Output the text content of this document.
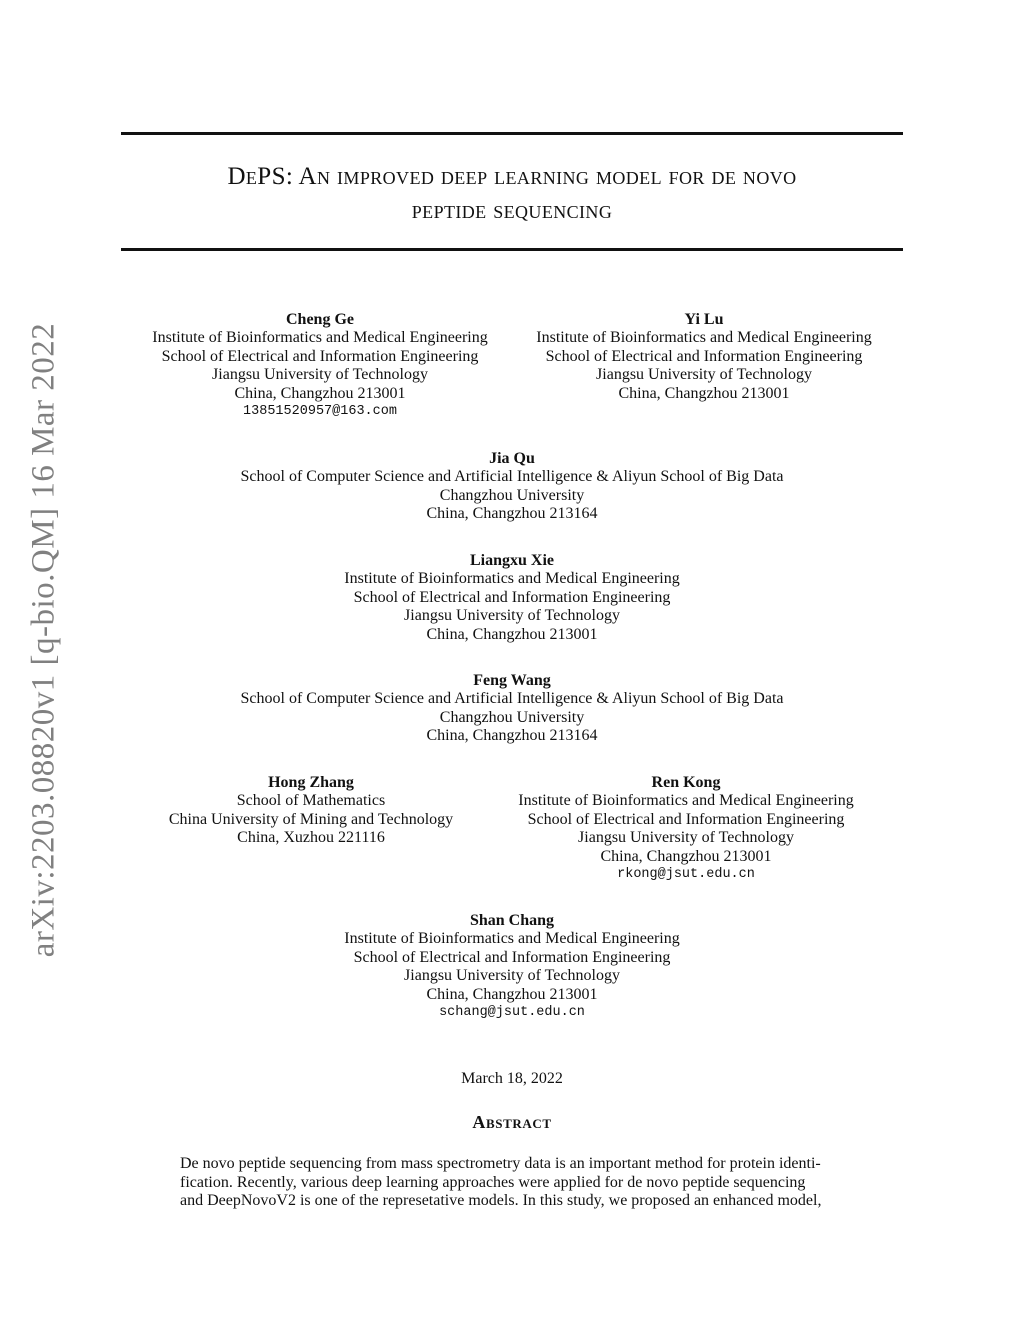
arXiv:2203.08820v1 [q-bio.QM] 16 Mar 2022
DePS: An improved deep learning model for de novo
peptide sequencing
Cheng Ge
Institute of Bioinformatics and Medical Engineering
School of Electrical and Information Engineering
Jiangsu University of Technology
China, Changzhou 213001
13851520957@163.com
Yi Lu
Institute of Bioinformatics and Medical Engineering
School of Electrical and Information Engineering
Jiangsu University of Technology
China, Changzhou 213001
Jia Qu
School of Computer Science and Artificial Intelligence & Aliyun School of Big Data
Changzhou University
China, Changzhou 213164
Liangxu Xie
Institute of Bioinformatics and Medical Engineering
School of Electrical and Information Engineering
Jiangsu University of Technology
China, Changzhou 213001
Feng Wang
School of Computer Science and Artificial Intelligence & Aliyun School of Big Data
Changzhou University
China, Changzhou 213164
Hong Zhang
School of Mathematics
China University of Mining and Technology
China, Xuzhou 221116
Ren Kong
Institute of Bioinformatics and Medical Engineering
School of Electrical and Information Engineering
Jiangsu University of Technology
China, Changzhou 213001
rkong@jsut.edu.cn
Shan Chang
Institute of Bioinformatics and Medical Engineering
School of Electrical and Information Engineering
Jiangsu University of Technology
China, Changzhou 213001
schang@jsut.edu.cn
March 18, 2022
Abstract
De novo peptide sequencing from mass spectrometry data is an important method for protein identi-
fication. Recently, various deep learning approaches were applied for de novo peptide sequencing
and DeepNovoV2 is one of the represetative models. In this study, we proposed an enhanced model,
